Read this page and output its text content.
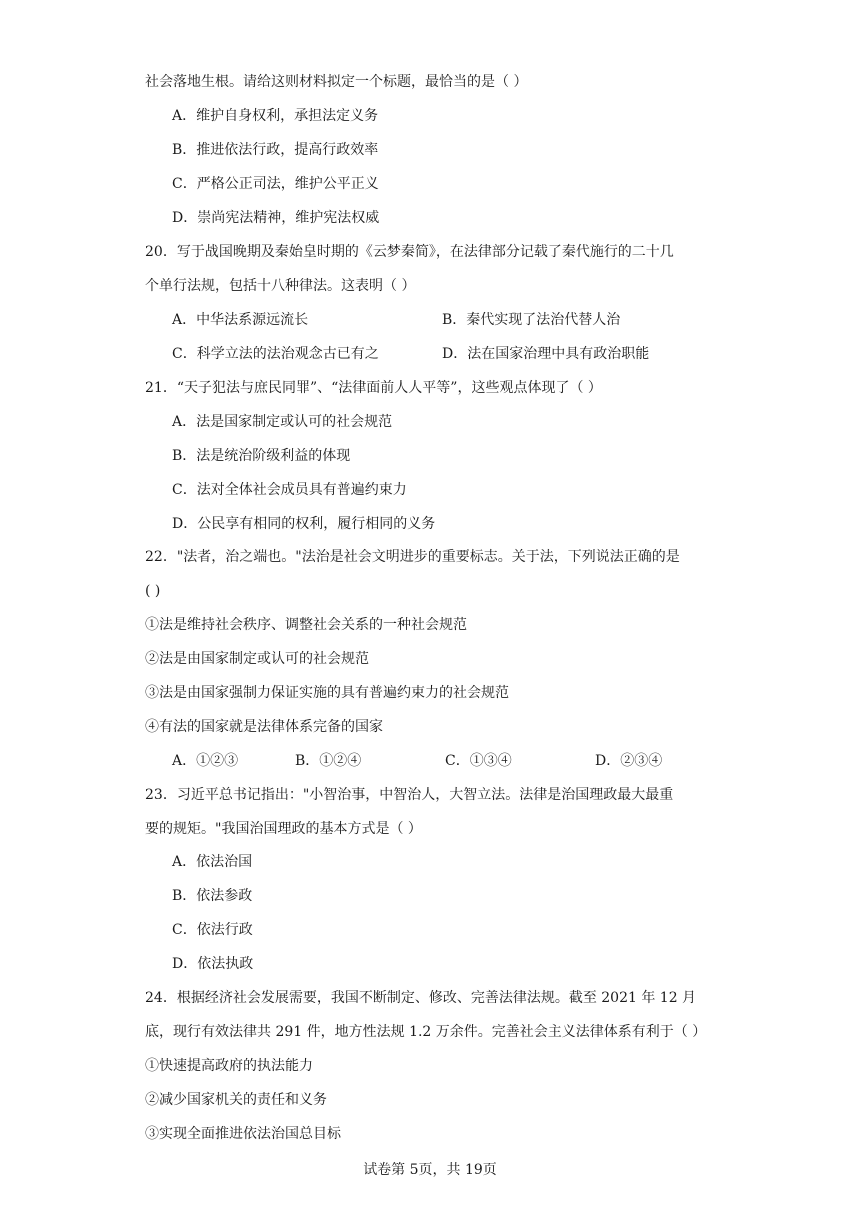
社会落地生根。请给这则材料拟定一个标题，最恰当的是（ ）
A．维护自身权利，承担法定义务
B．推进依法行政，提高行政效率
C．严格公正司法，维护公平正义
D．崇尚宪法精神，维护宪法权威
20．写于战国晚期及秦始皇时期的《云梦秦简》，在法律部分记载了秦代施行的二十几
个单行法规，包括十八种律法。这表明（ ）
A．中华法系源远流长	B．秦代实现了法治代替人治
C．科学立法的法治观念古已有之	D．法在国家治理中具有政治职能
21．“天子犯法与庶民同罪”、“法律面前人人平等”，这些观点体现了（ ）
A．法是国家制定或认可的社会规范
B．法是统治阶级利益的体现
C．法对全体社会成员具有普遍约束力
D．公民享有相同的权利，履行相同的义务
22．"法者，治之端也。"法治是社会文明进步的重要标志。关于法，下列说法正确的是
( )
①法是维持社会秩序、调整社会关系的一种社会规范
②法是由国家制定或认可的社会规范
③法是由国家强制力保证实施的具有普遍约束力的社会规范
④有法的国家就是法律体系完备的国家
A．①②③	B．①②④	C．①③④	D．②③④
23．习近平总书记指出："小智治事，中智治人，大智立法。法律是治国理政最大最重
要的规矩。"我国治国理政的基本方式是（ ）
A．依法治国
B．依法参政
C．依法行政
D．依法执政
24．根据经济社会发展需要，我国不断制定、修改、完善法律法规。截至 2021 年 12 月
底，现行有效法律共 291 件，地方性法规 1.2 万余件。完善社会主义法律体系有利于（ ）
①快速提高政府的执法能力
②减少国家机关的责任和义务
③实现全面推进依法治国总目标
试卷第 5页，共 19页
